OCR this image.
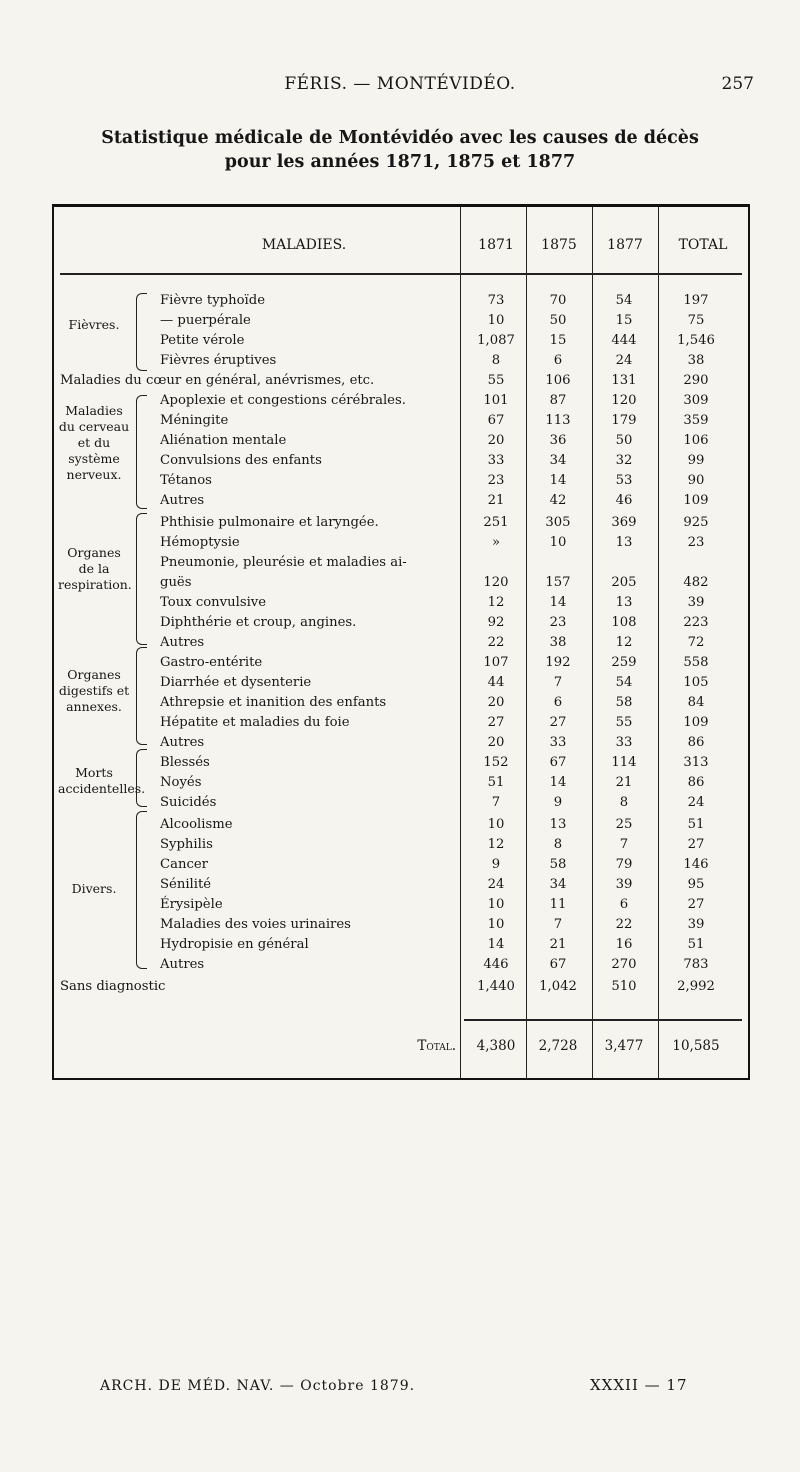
FÉRIS. — MONTÉVIDÉO.	257
Statistique médicale de Montévidéo avec les causes de décès
pour les années 1871, 1875 et 1877
MALADIES.	1871	1875	1877	TOTAL
Fièvres.
Maladies du cerveau et du système nerveux.
Organes de la respiration.
Organes digestifs et annexes.
Morts accidentelles.
Divers.
Fièvre typhoïde	73	70	54	197
— puerpérale	10	50	15	75
Petite vérole	1,087	15	444	1,546
Fièvres éruptives	8	6	24	38
Maladies du cœur en général, anévrismes, etc.	55	106	131	290
Apoplexie et congestions cérébrales.	101	87	120	309
Méningite	67	113	179	359
Aliénation mentale	20	36	50	106
Convulsions des enfants	33	34	32	99
Tétanos	23	14	53	90
Autres	21	42	46	109
Phthisie pulmonaire et laryngée.	251	305	369	925
Hémoptysie	»	10	13	23
Pneumonie, pleurésie et maladies ai-
guës	120	157	205	482
Toux convulsive	12	14	13	39
Diphthérie et croup, angines.	92	23	108	223
Autres	22	38	12	72
Gastro-entérite	107	192	259	558
Diarrhée et dysenterie	44	7	54	105
Athrepsie et inanition des enfants	20	6	58	84
Hépatite et maladies du foie	27	27	55	109
Autres	20	33	33	86
Blessés	152	67	114	313
Noyés	51	14	21	86
Suicidés	7	9	8	24
Alcoolisme	10	13	25	51
Syphilis	12	8	7	27
Cancer	9	58	79	146
Sénilité	24	34	39	95
Érysipèle	10	11	6	27
Maladies des voies urinaires	10	7	22	39
Hydropisie en général	14	21	16	51
Autres	446	67	270	783
Sans diagnostic	1,440	1,042	510	2,992
Total.	4,380	2,728	3,477	10,585
ARCH. DE MÉD. NAV. — Octobre 1879.	XXXII — 17
